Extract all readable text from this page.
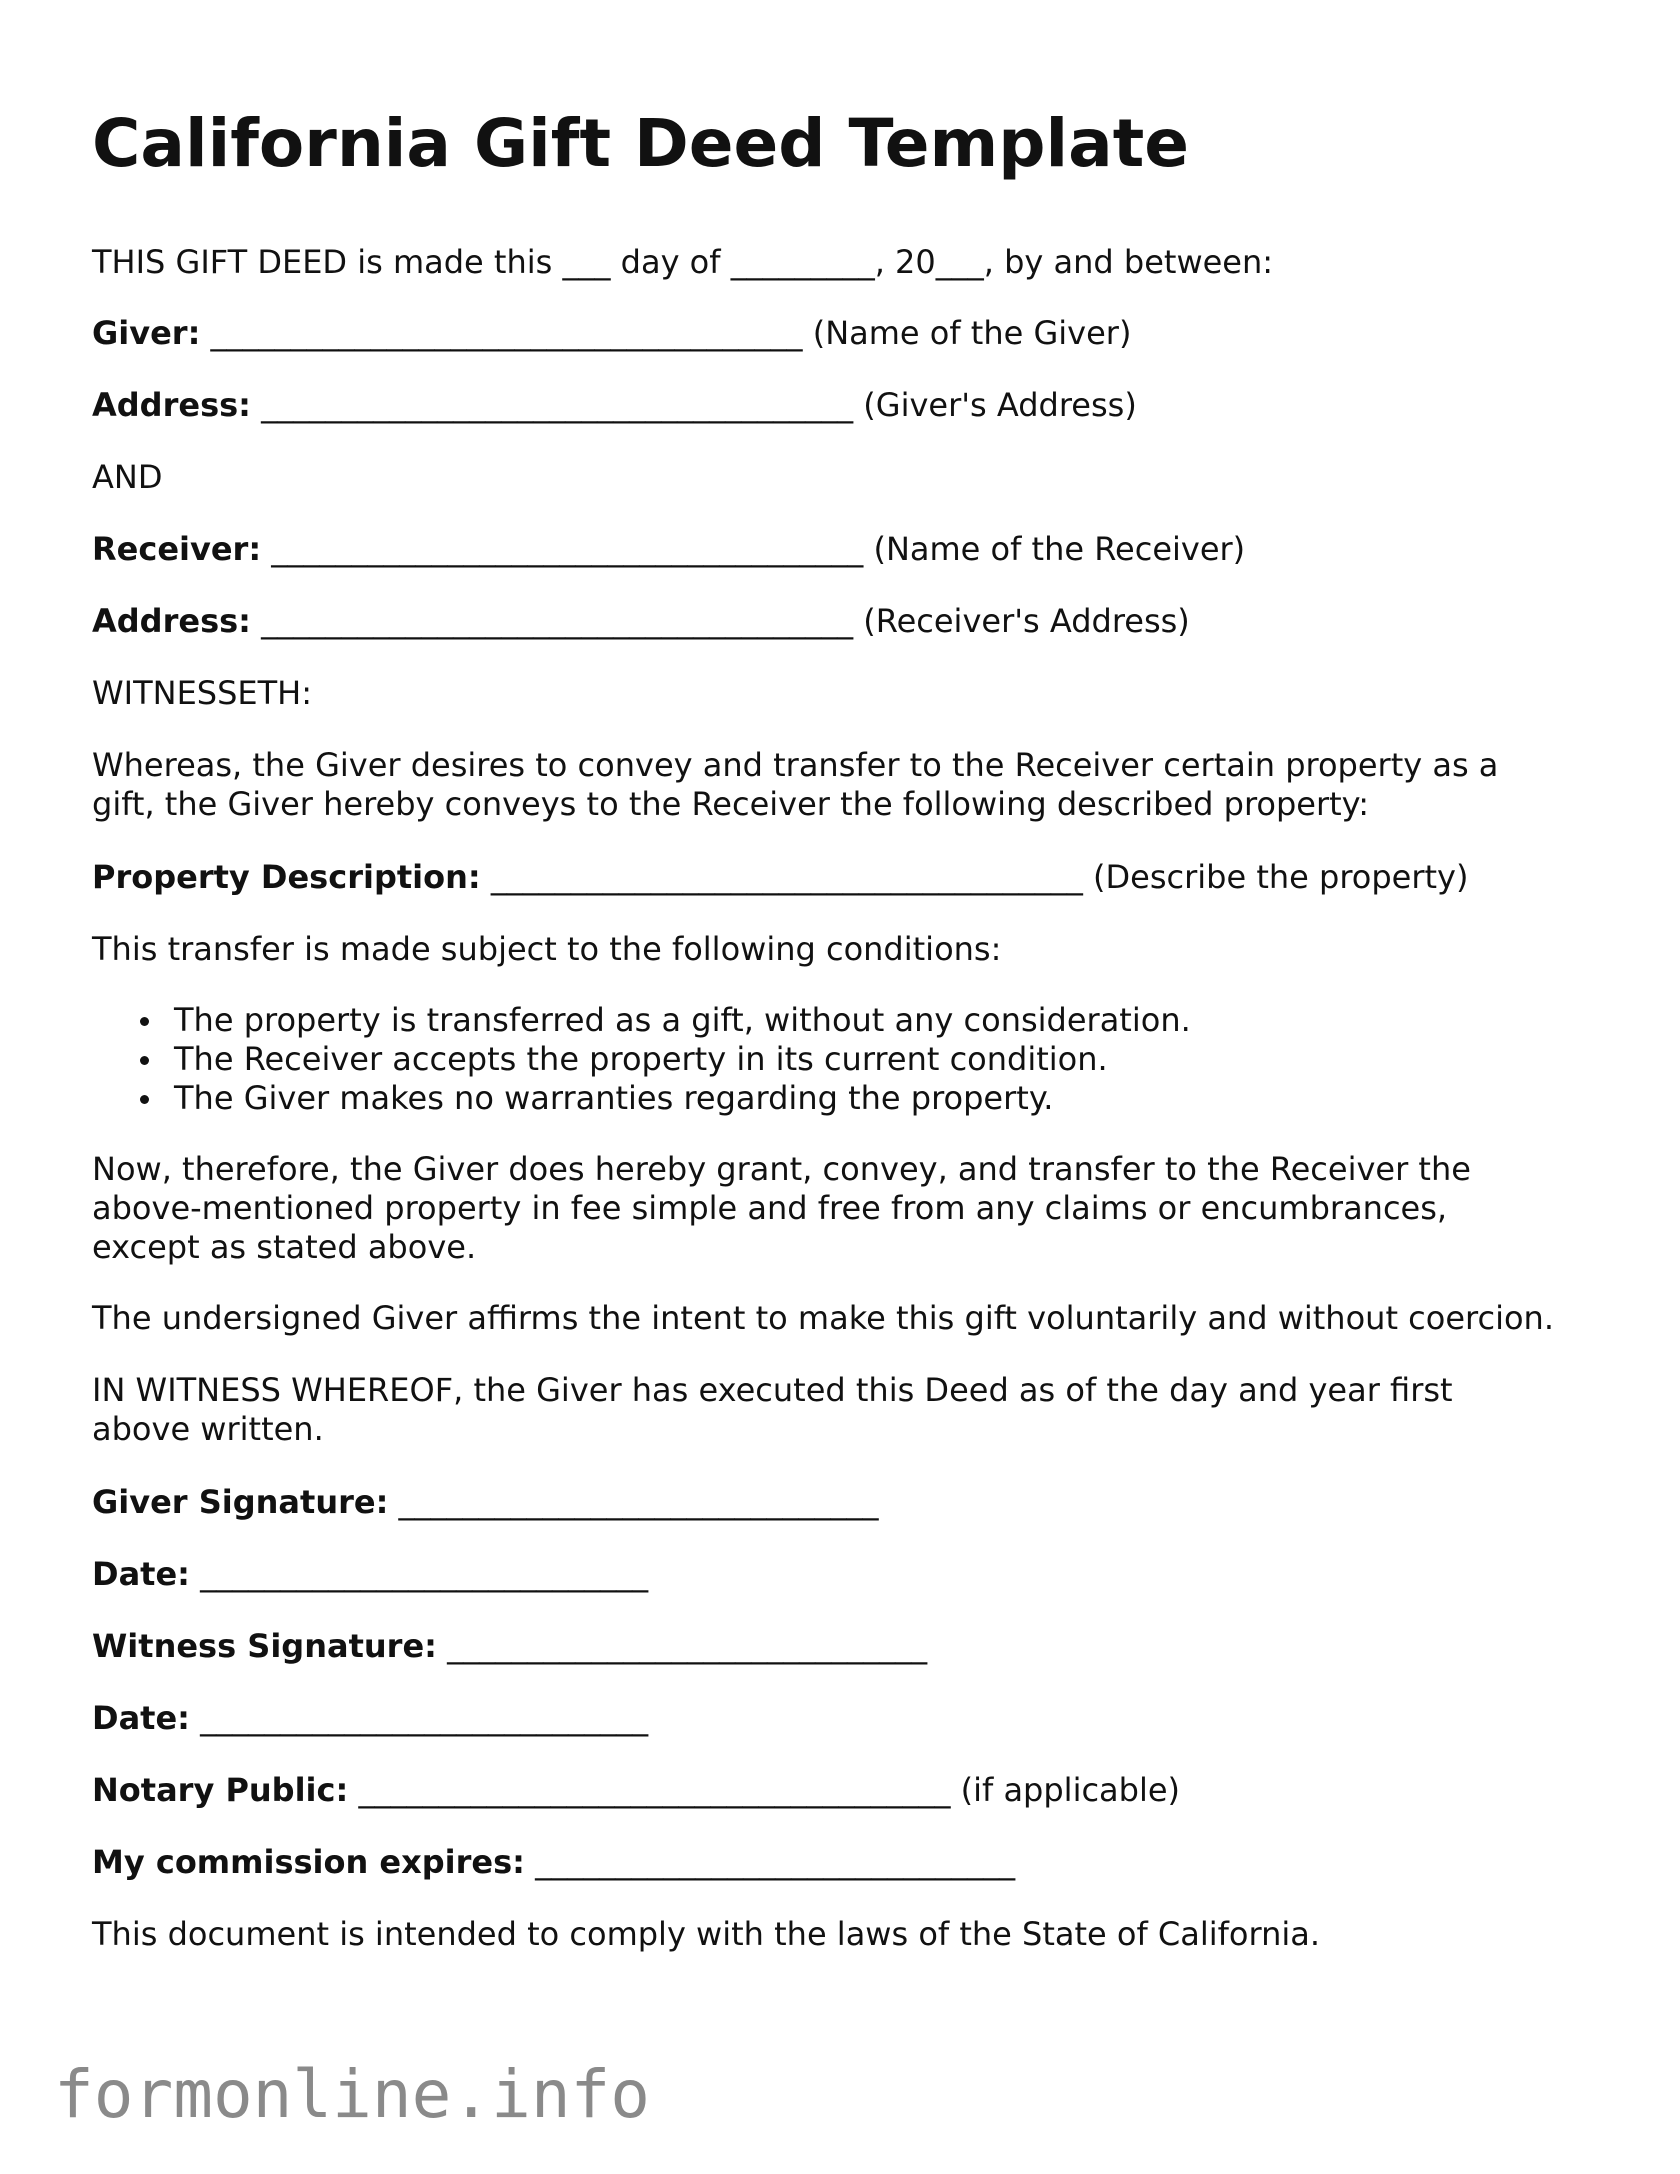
California Gift Deed Template

THIS GIFT DEED is made this ___ day of _________, 20___, by and between:

Giver: _____________________________________ (Name of the Giver)

Address: _____________________________________ (Giver's Address)

AND

Receiver: _____________________________________ (Name of the Receiver)

Address: _____________________________________ (Receiver's Address)

WITNESSETH:

Whereas, the Giver desires to convey and transfer to the Receiver certain property as a
gift, the Giver hereby conveys to the Receiver the following described property:

Property Description: _____________________________________ (Describe the property)

This transfer is made subject to the following conditions:

The property is transferred as a gift, without any consideration.
The Receiver accepts the property in its current condition.
The Giver makes no warranties regarding the property.
Now, therefore, the Giver does hereby grant, convey, and transfer to the Receiver the
above-mentioned property in fee simple and free from any claims or encumbrances,
except as stated above.

The undersigned Giver affirms the intent to make this gift voluntarily and without coercion.

IN WITNESS WHEREOF, the Giver has executed this Deed as of the day and year first
above written.

Giver Signature: ______________________________

Date: ____________________________

Witness Signature: ______________________________

Date: ____________________________

Notary Public: _____________________________________ (if applicable)

My commission expires: ______________________________

This document is intended to comply with the laws of the State of California.

formonline.info
